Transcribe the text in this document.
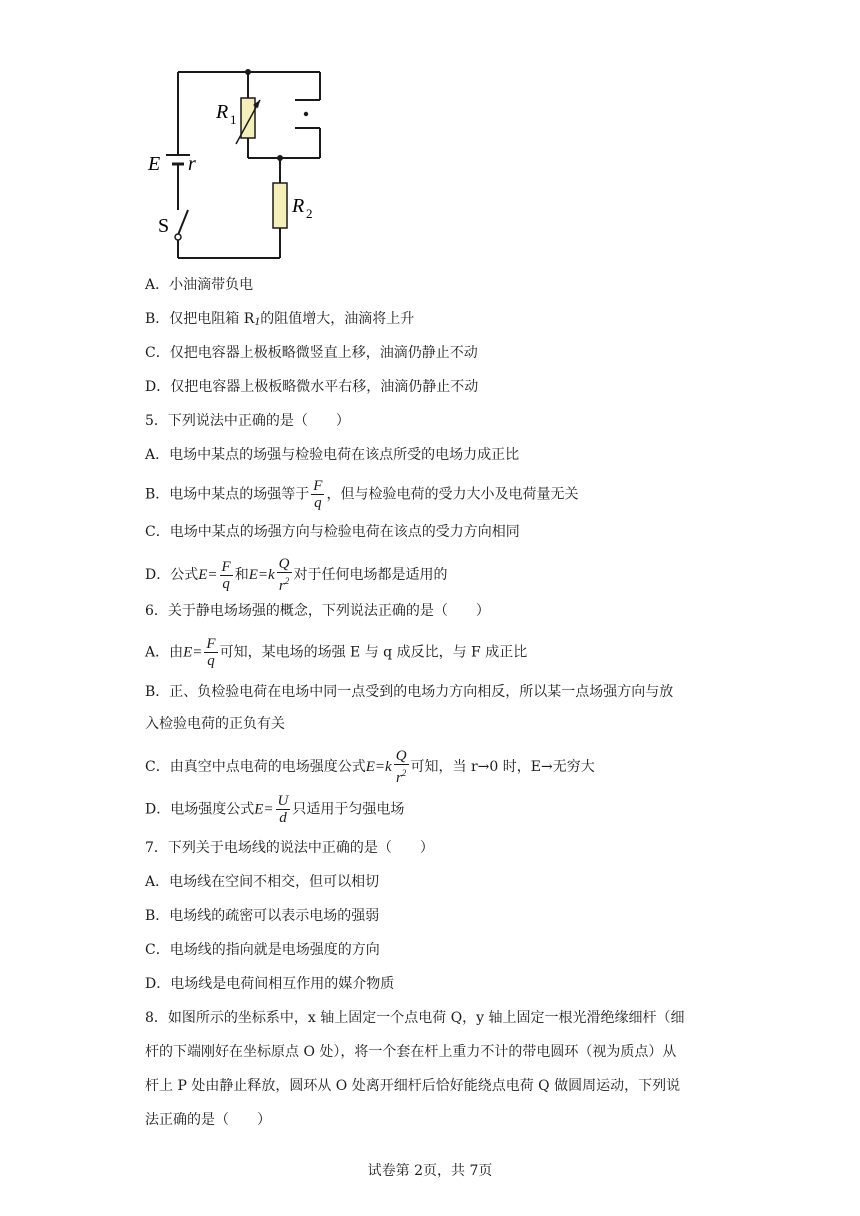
R 1
R 2
E r
S
A．小油滴带负电
B．仅把电阻箱 R1的阻值增大，油滴将上升
C．仅把电容器上极板略微竖直上移，油滴仍静止不动
D．仅把电容器上极板略微水平右移，油滴仍静止不动
5．下列说法中正确的是（　　）
A．电场中某点的场强与检验电荷在该点所受的电场力成正比
B．电场中某点的场强等于 $\frac{F}{q}$ ，但与检验电荷的受力大小及电荷量无关
C．电场中某点的场强方向与检验电荷在该点的受力方向相同
D．公式$E= \frac{F}{q}$ 和$E=k \frac{Q}{r^2}$ 对于任何电场都是适用的
6．关于静电场场强的概念，下列说法正确的是（　　）
A．由$E= \frac{F}{q}$ 可知，某电场的场强 E 与 q 成反比，与 F 成正比
B．正、负检验电荷在电场中同一点受到的电场力方向相反，所以某一点场强方向与放
入检验电荷的正负有关
C．由真空中点电荷的电场强度公式$E=k \frac{Q}{r^2}$ 可知，当 r→0 时，E→无穷大
D．电场强度公式$E= \frac{U}{d}$ 只适用于匀强电场
7．下列关于电场线的说法中正确的是（　　）
A．电场线在空间不相交，但可以相切
B．电场线的疏密可以表示电场的强弱
C．电场线的指向就是电场强度的方向
D．电场线是电荷间相互作用的媒介物质
8．如图所示的坐标系中，x 轴上固定一个点电荷 Q，y 轴上固定一根光滑绝缘细杆（细
杆的下端刚好在坐标原点 O 处），将一个套在杆上重力不计的带电圆环（视为质点）从
杆上 P 处由静止释放，圆环从 O 处离开细杆后恰好能绕点电荷 Q 做圆周运动，下列说
法正确的是（　　）
试卷第 2页，共 7页
